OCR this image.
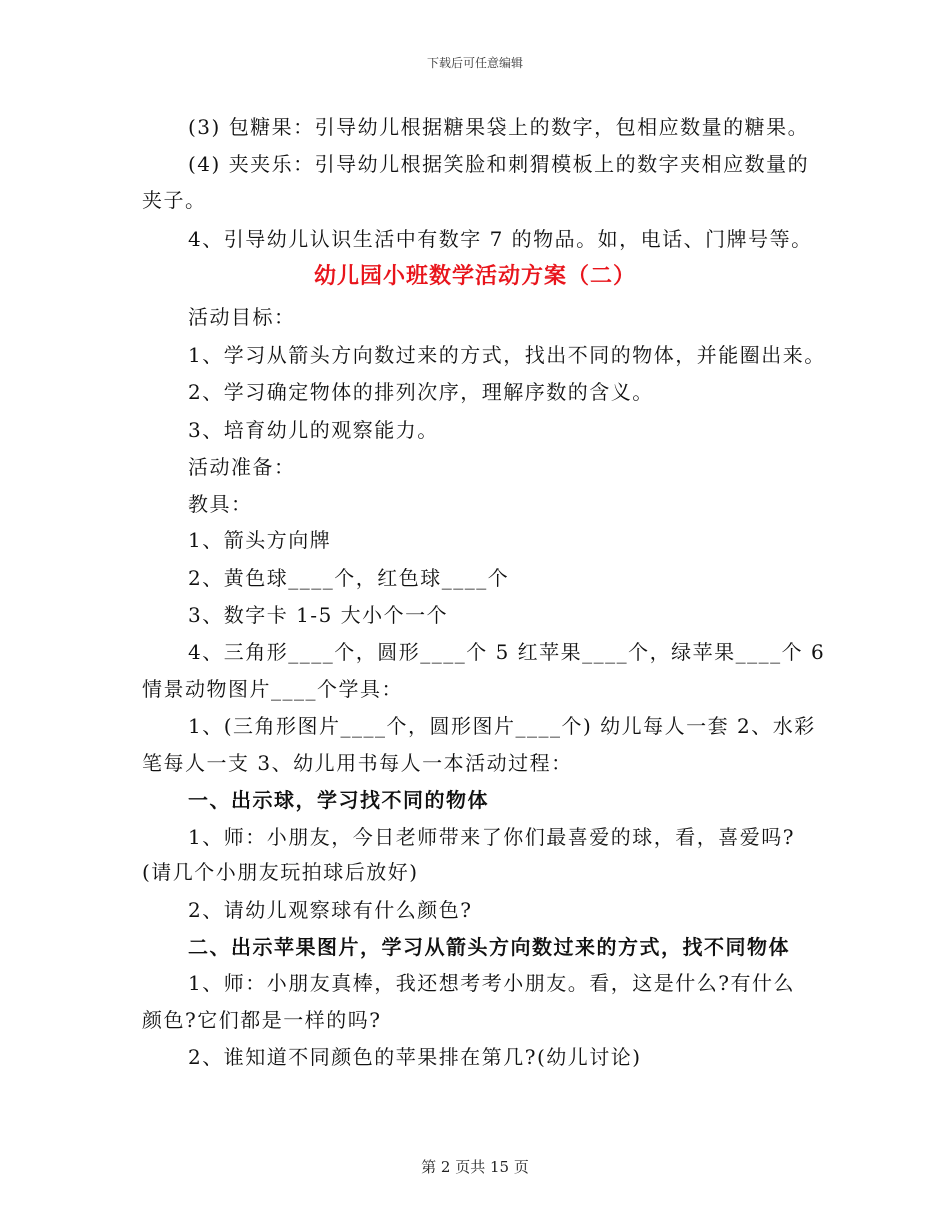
下载后可任意编辑
(3) 包糖果：引导幼儿根据糖果袋上的数字，包相应数量的糖果。
(4) 夹夹乐：引导幼儿根据笑脸和刺猬模板上的数字夹相应数量的
夹子。
4、引导幼儿认识生活中有数字 7 的物品。如，电话、门牌号等。
幼儿园小班数学活动方案（二）
活动目标：
1、学习从箭头方向数过来的方式，找出不同的物体，并能圈出来。
2、学习确定物体的排列次序，理解序数的含义。
3、培育幼儿的观察能力。
活动准备：
教具：
1、箭头方向牌
2、黄色球____个，红色球____个
3、数字卡 1-5 大小个一个
4、三角形____个，圆形____个 5 红苹果____个，绿苹果____个 6
情景动物图片____个学具：
1、(三角形图片____个，圆形图片____个) 幼儿每人一套 2、水彩
笔每人一支 3、幼儿用书每人一本活动过程：
一、出示球，学习找不同的物体
1、师：小朋友，今日老师带来了你们最喜爱的球，看，喜爱吗?
(请几个小朋友玩拍球后放好)
2、请幼儿观察球有什么颜色?
二、出示苹果图片，学习从箭头方向数过来的方式，找不同物体
1、师：小朋友真棒，我还想考考小朋友。看，这是什么?有什么
颜色?它们都是一样的吗?
2、谁知道不同颜色的苹果排在第几?(幼儿讨论)
第 2 页共 15 页
